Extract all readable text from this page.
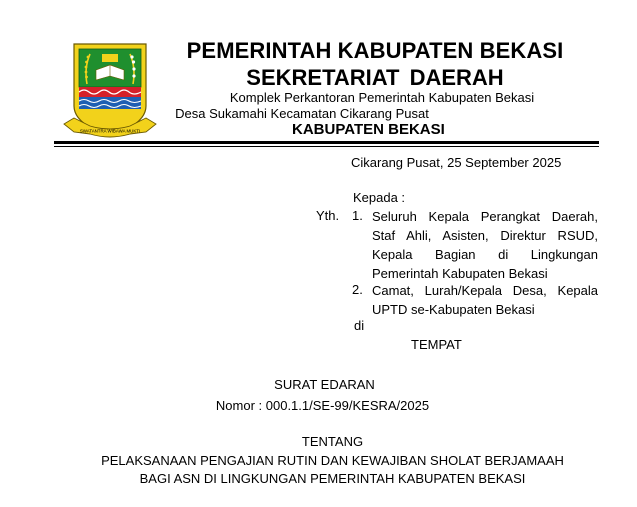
SWATANTRA WIBAWA MUKTI
PEMERINTAH KABUPATEN BEKASI
SEKRETARIAT DAERAH
Komplek Perkantoran Pemerintah Kabupaten Bekasi
Desa Sukamahi Kecamatan Cikarang Pusat
KABUPATEN BEKASI
Cikarang Pusat, 25 September 2025
Kepada :
Yth. 1. Seluruh Kepala Perangkat Daerah,
Staf Ahli, Asisten, Direktur RSUD,
Kepala Bagian di Lingkungan
Pemerintah Kabupaten Bekasi
2. Camat, Lurah/Kepala Desa, Kepala
UPTD se-Kabupaten Bekasi
di
TEMPAT
SURAT EDARAN
Nomor : 000.1.1/SE-99/KESRA/2025
TENTANG
PELAKSANAAN PENGAJIAN RUTIN DAN KEWAJIBAN SHOLAT BERJAMAAH
BAGI ASN DI LINGKUNGAN PEMERINTAH KABUPATEN BEKASI
